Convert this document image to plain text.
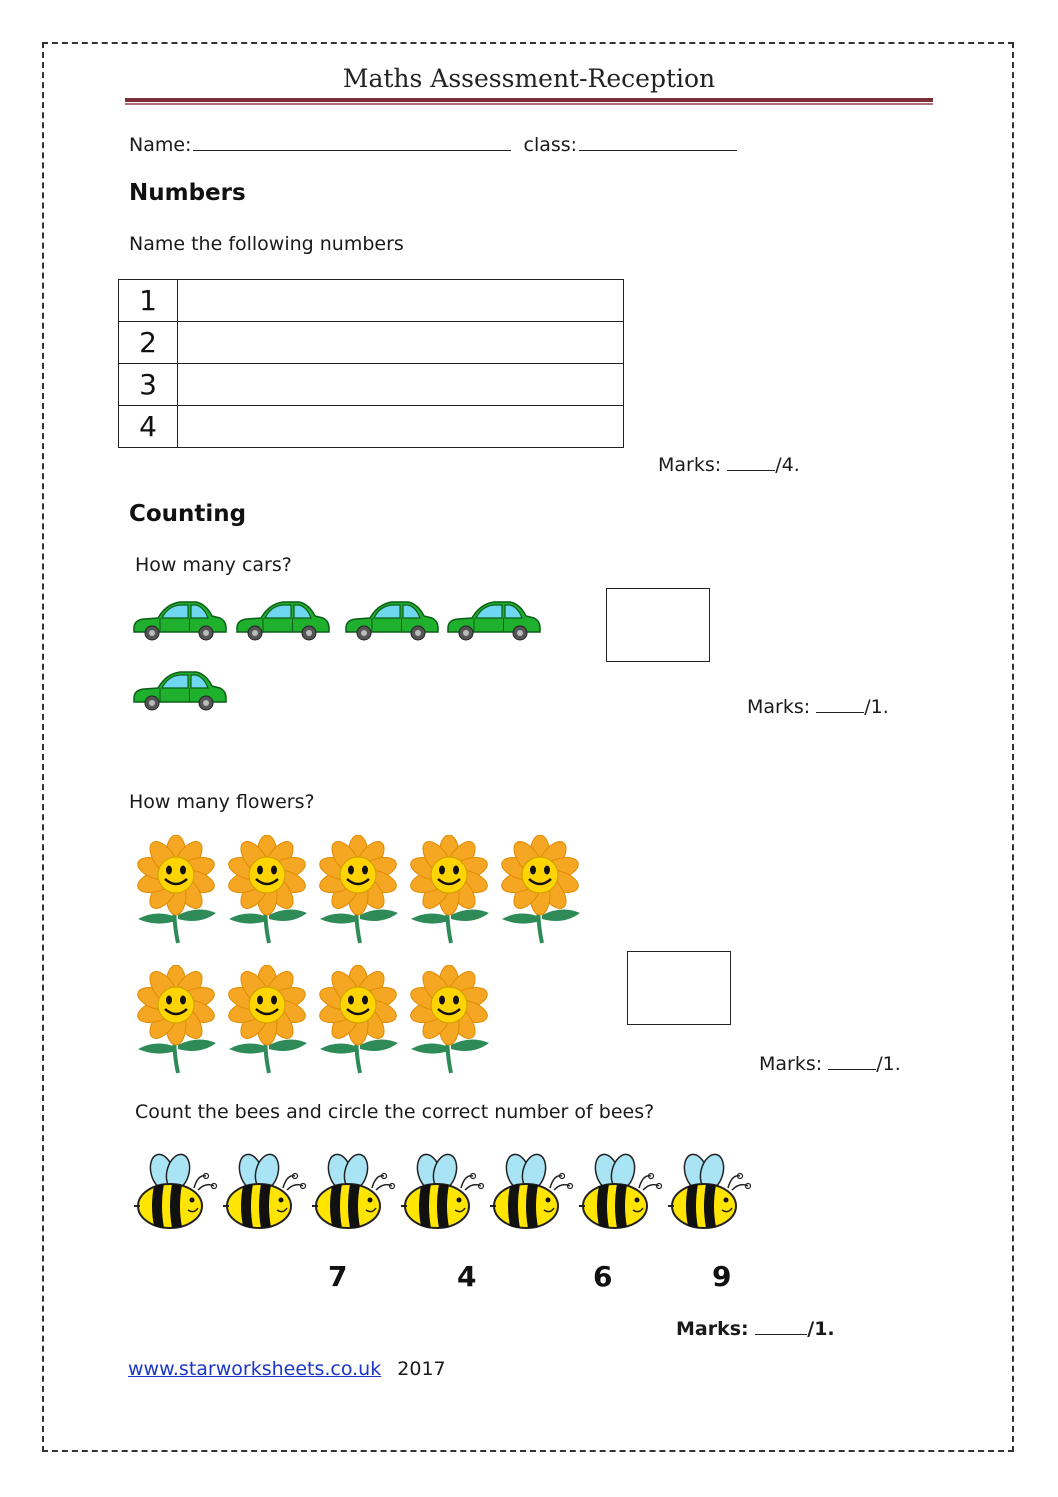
Maths Assessment-Reception
Name:	class:
Numbers
Name the following numbers
1	
2	
3	
4	
Marks:	/4.
Counting
How many cars?
Marks:	/1.
How many flowers?
Marks:	/1.
Count the bees and circle the correct number of bees?
7	4	6	9
Marks:	/1.
www.starworksheets.co.uk 2017
